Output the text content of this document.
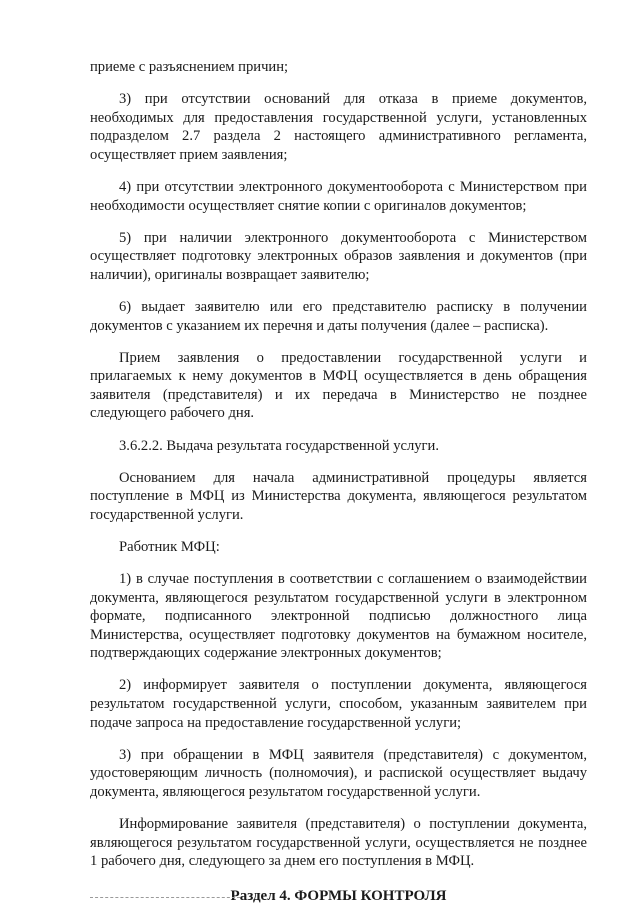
приеме с разъяснением причин;

3) при отсутствии оснований для отказа в приеме документов, необходимых для предоставления государственной услуги, установленных подразделом 2.7 раздела 2 настоящего административного регламента, осуществляет прием заявления;

4) при отсутствии электронного документооборота с Министерством при необходимости осуществляет снятие копии с оригиналов документов;

5) при наличии электронного документооборота с Министерством осуществляет подготовку электронных образов заявления и документов (при наличии), оригиналы возвращает заявителю;

6) выдает заявителю или его представителю расписку в получении документов с указанием их перечня и даты получения (далее – расписка).

Прием заявления о предоставлении государственной услуги и прилагаемых к нему документов в МФЦ осуществляется в день обращения заявителя (представителя) и их передача в Министерство не позднее следующего рабочего дня.

3.6.2.2. Выдача результата государственной услуги.

Основанием для начала административной процедуры является поступление в МФЦ из Министерства документа, являющегося результатом государственной услуги.

Работник МФЦ:

1) в случае поступления в соответствии с соглашением о взаимодействии документа, являющегося результатом государственной услуги в электронном формате, подписанного электронной подписью должностного лица Министерства, осуществляет подготовку документов на бумажном носителе, подтверждающих содержание электронных документов;

2) информирует заявителя о поступлении документа, являющегося результатом государственной услуги, способом, указанным заявителем при подаче запроса на предоставление государственной услуги;

3) при обращении в МФЦ заявителя (представителя) с документом, удостоверяющим личность (полномочия), и распиской осуществляет выдачу документа, являющегося результатом государственной услуги.

Информирование заявителя (представителя) о поступлении документа, являющегося результатом государственной услуги, осуществляется не позднее 1 рабочего дня, следующего за днем его поступления в МФЦ.

Раздел 4. ФОРМЫ КОНТРОЛЯ
